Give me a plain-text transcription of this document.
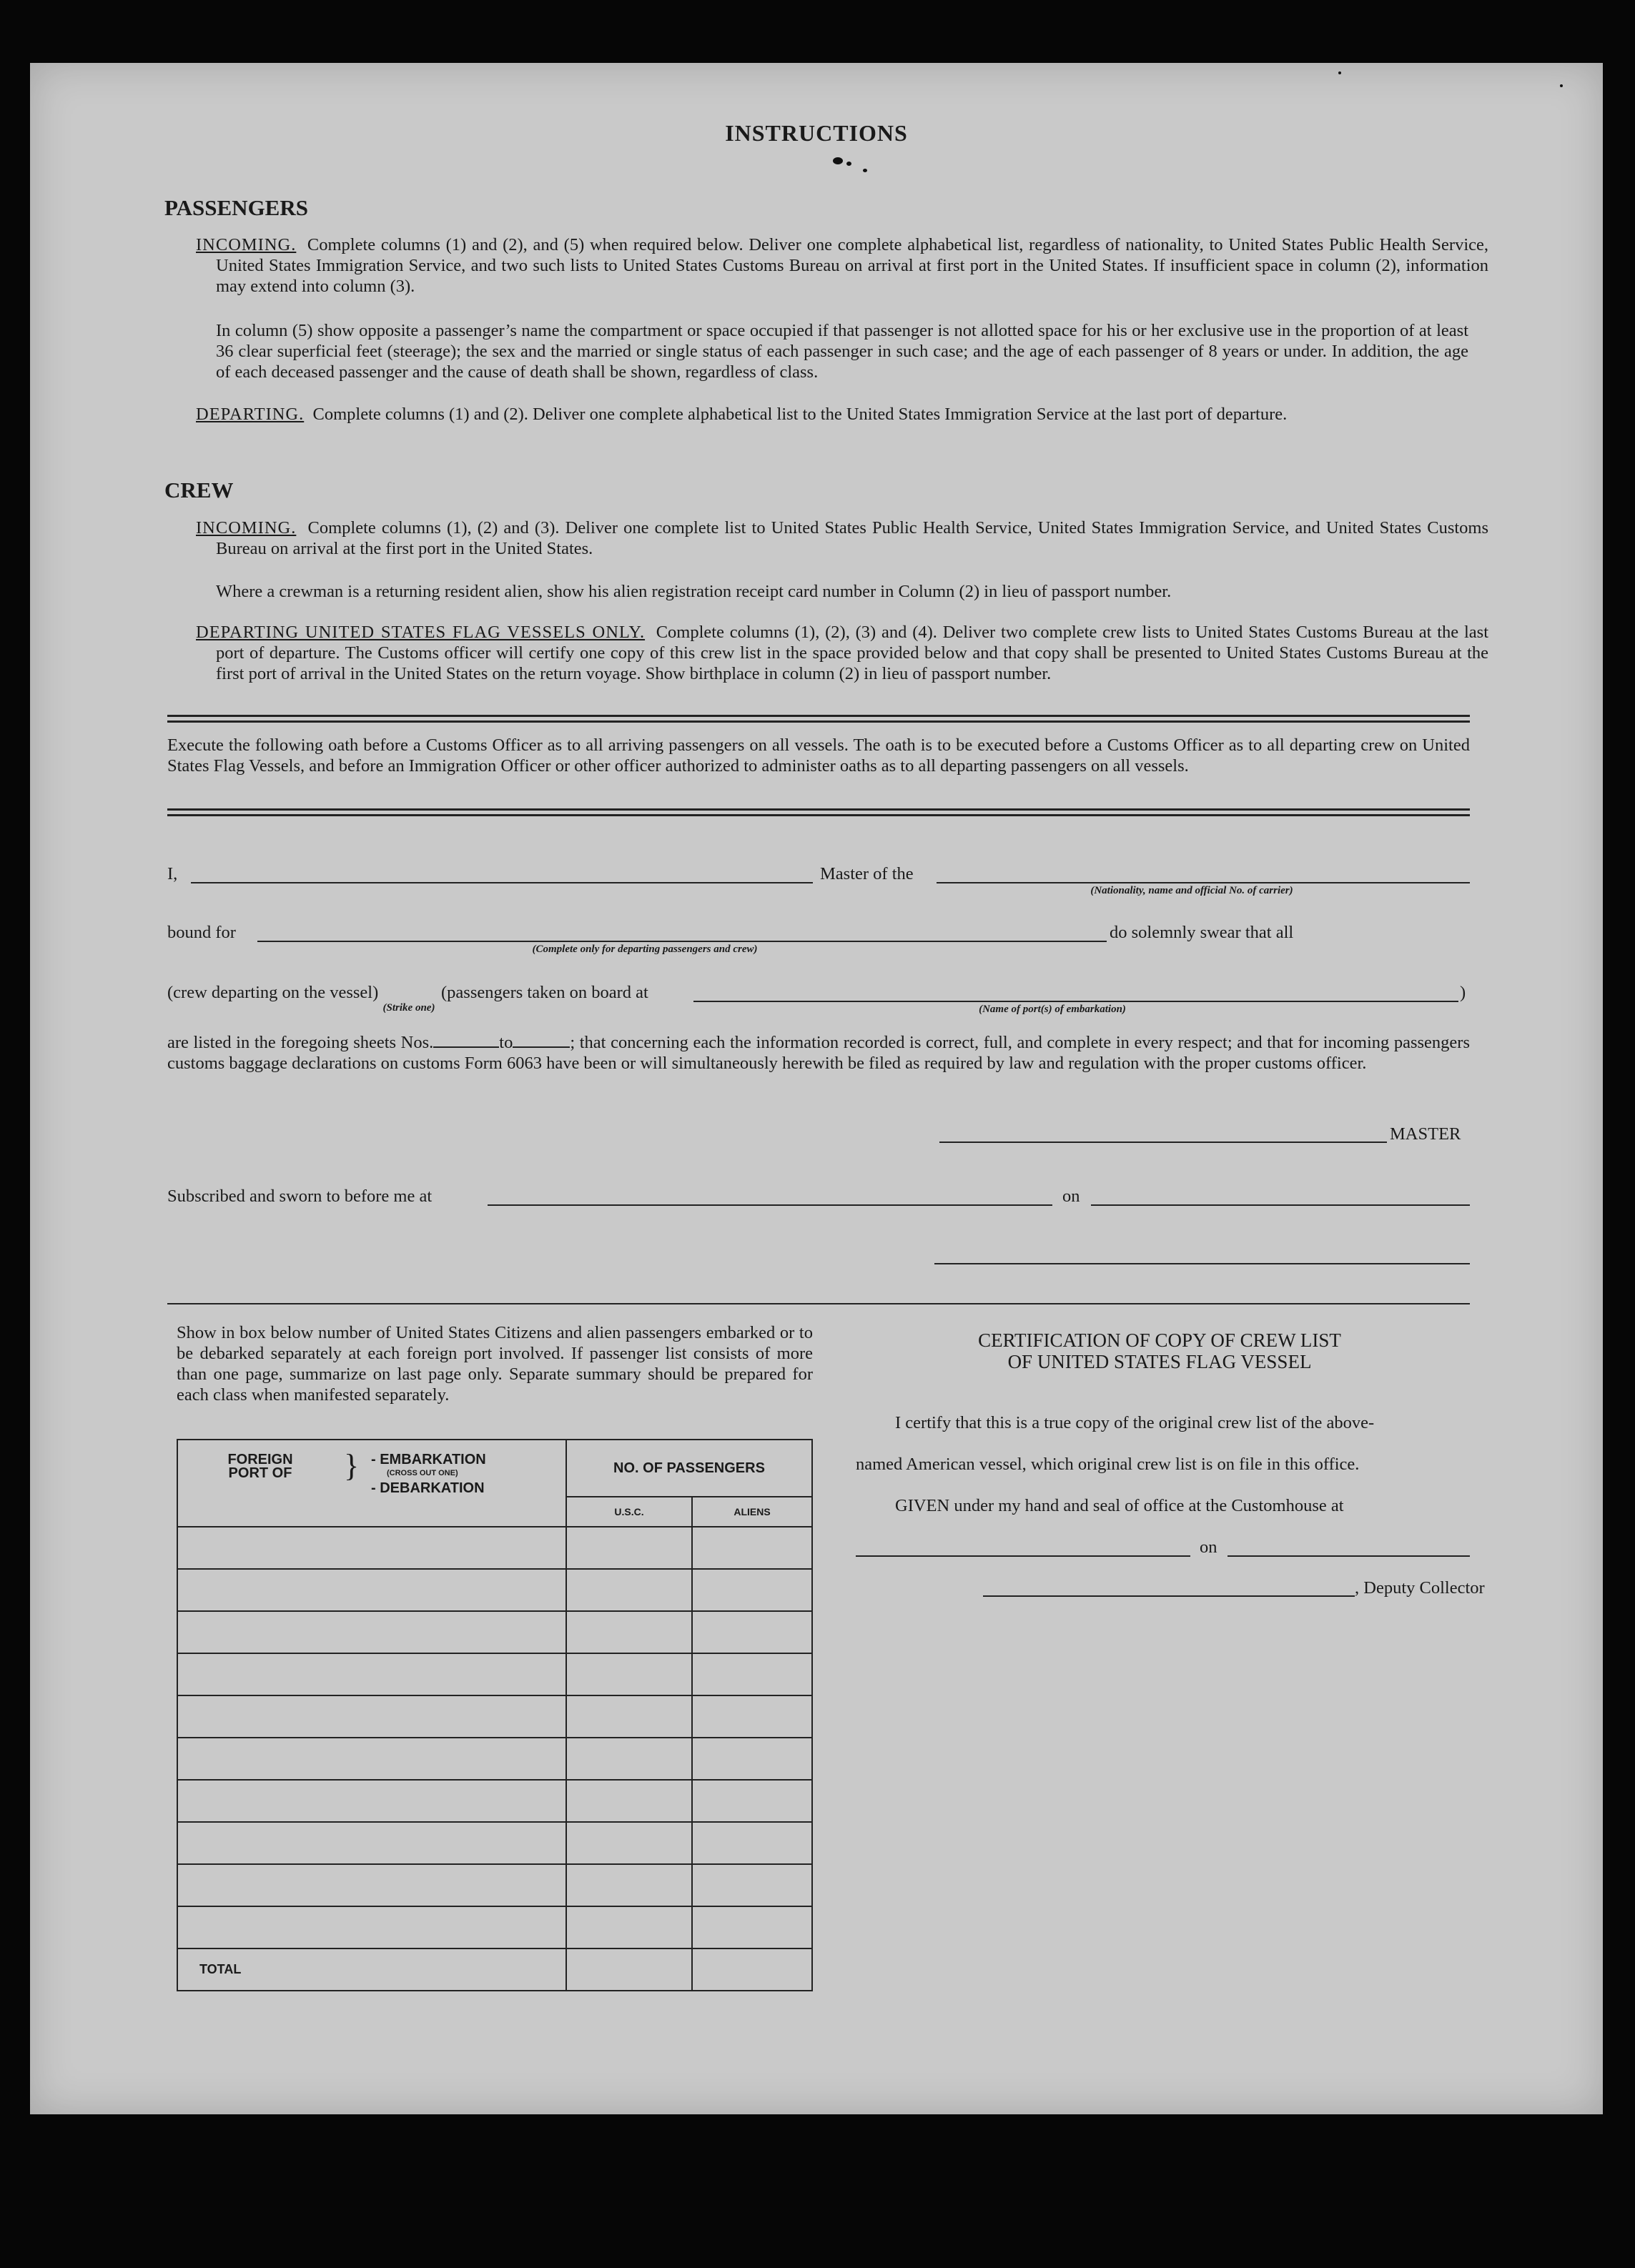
INSTRUCTIONS
PASSENGERS
INCOMING. Complete columns (1) and (2), and (5) when required below. Deliver one complete alphabetical list, regardless of nationality, to United States Public Health Service, United States Immigration Service, and two such lists to United States Customs Bureau on arrival at first port in the United States. If insufficient space in column (2), information may extend into column (3).
In column (5) show opposite a passenger’s name the compartment or space occupied if that passenger is not allotted space for his or her exclusive use in the proportion of at least 36 clear superficial feet (steerage); the sex and the married or single status of each passenger in such case; and the age of each passenger of 8 years or under. In addition, the age of each deceased passenger and the cause of death shall be shown, regardless of class.
DEPARTING. Complete columns (1) and (2). Deliver one complete alphabetical list to the United States Immigration Service at the last port of departure.
CREW
INCOMING. Complete columns (1), (2) and (3). Deliver one complete list to United States Public Health Service, United States Immigration Service, and United States Customs Bureau on arrival at the first port in the United States.
Where a crewman is a returning resident alien, show his alien registration receipt card number in Column (2) in lieu of passport number.
DEPARTING UNITED STATES FLAG VESSELS ONLY. Complete columns (1), (2), (3) and (4). Deliver two complete crew lists to United States Customs Bureau at the last port of departure. The Customs officer will certify one copy of this crew list in the space provided below and that copy shall be presented to United States Customs Bureau at the first port of arrival in the United States on the return voyage. Show birthplace in column (2) in lieu of passport number.
Execute the following oath before a Customs Officer as to all arriving passengers on all vessels. The oath is to be executed before a Customs Officer as to all departing crew on United States Flag Vessels, and before an Immigration Officer or other officer authorized to administer oaths as to all departing passengers on all vessels.
I,	Master of the
(Nationality, name and official No. of carrier)
bound for
(Complete only for departing passengers and crew)
do solemnly swear that all
(crew departing on the vessel)	(passengers taken on board at	)
(Strike one)	(Name of port(s) of embarkation)
are listed in the foregoing sheets Nos.	to	; that concerning each the information recorded is correct, full, and complete in every respect; and that for incoming passengers customs baggage declarations on customs Form 6063 have been or will simultaneously herewith be filed as required by law and regulation with the proper customs officer.
MASTER
Subscribed and sworn to before me at	on
Show in box below number of United States Citizens and alien passengers embarked or to be debarked separately at each foreign port involved. If passenger list consists of more than one page, summarize on last page only. Separate summary should be prepared for each class when manifested separately.
FOREIGN PORT OF } - EMBARKATION
(CROSS OUT ONE)
- DEBARKATION	NO. OF PASSENGERS	
	U.S.C.	ALIENS

TOTAL		
CERTIFICATION OF COPY OF CREW LIST
OF UNITED STATES FLAG VESSEL
I certify that this is a true copy of the original crew list of the above-
named American vessel, which original crew list is on file in this office.
GIVEN under my hand and seal of office at the Customhouse at
on
, Deputy Collector
